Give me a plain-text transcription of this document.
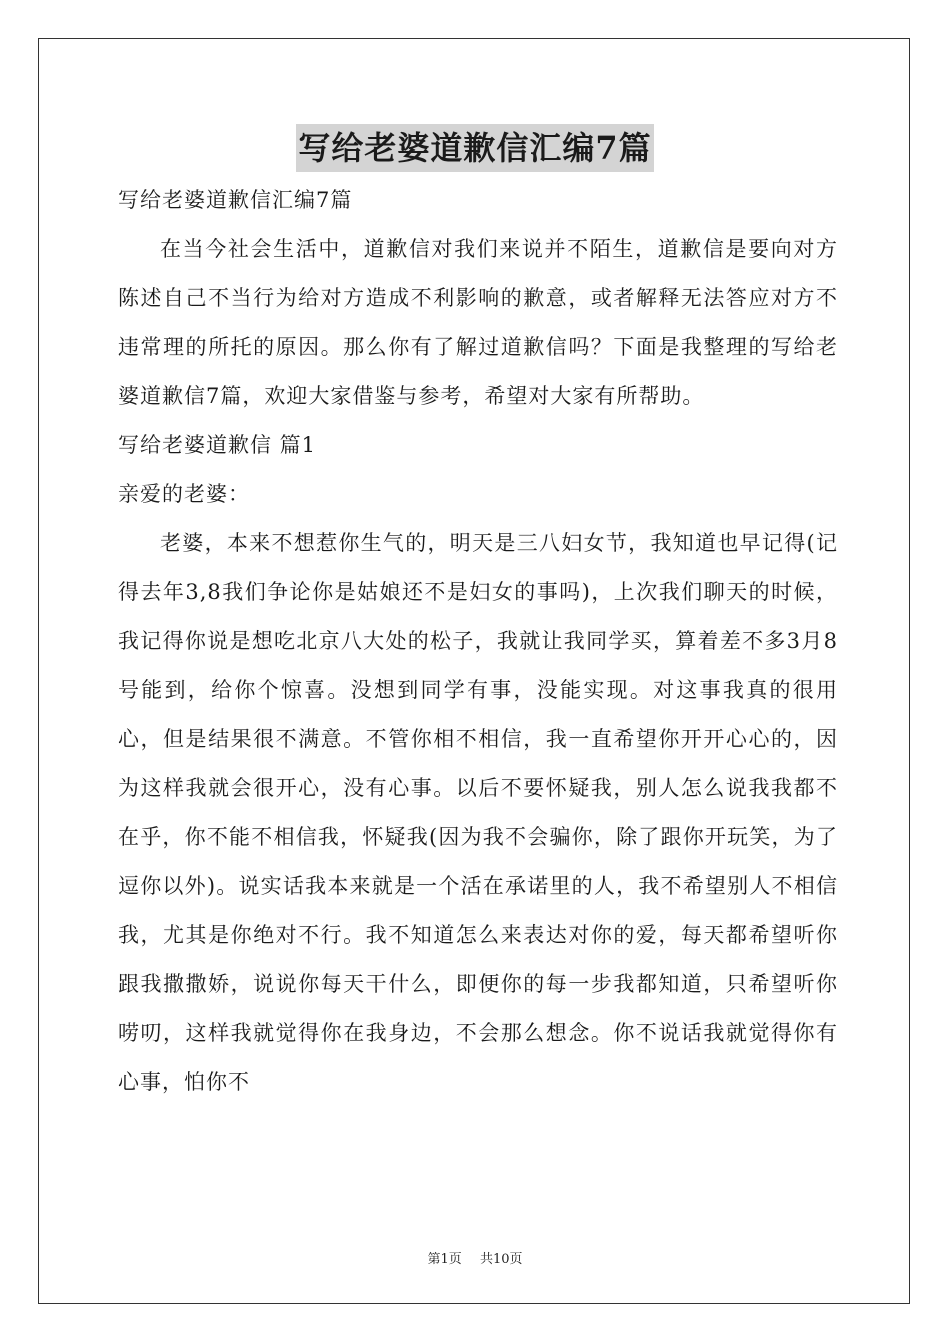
写给老婆道歉信汇编7篇

写给老婆道歉信汇编7篇

在当今社会生活中，道歉信对我们来说并不陌生，道歉信是要向对方陈述自己不当行为给对方造成不利影响的歉意，或者解释无法答应对方不违常理的所托的原因。那么你有了解过道歉信吗？下面是我整理的写给老婆道歉信7篇，欢迎大家借鉴与参考，希望对大家有所帮助。

写给老婆道歉信 篇1

亲爱的老婆：

老婆，本来不想惹你生气的，明天是三八妇女节，我知道也早记得(记得去年3,8我们争论你是姑娘还不是妇女的事吗)，上次我们聊天的时候，我记得你说是想吃北京八大处的松子，我就让我同学买，算着差不多3月8号能到，给你个惊喜。没想到同学有事，没能实现。对这事我真的很用心，但是结果很不满意。不管你相不相信，我一直希望你开开心心的，因为这样我就会很开心，没有心事。以后不要怀疑我，别人怎么说我我都不在乎，你不能不相信我，怀疑我(因为我不会骗你，除了跟你开玩笑，为了逗你以外)。说实话我本来就是一个活在承诺里的人，我不希望别人不相信我，尤其是你绝对不行。我不知道怎么来表达对你的爱，每天都希望听你跟我撒撒娇，说说你每天干什么，即便你的每一步我都知道，只希望听你唠叨，这样我就觉得你在我身边，不会那么想念。你不说话我就觉得你有心事，怕你不

第1页 共10页
